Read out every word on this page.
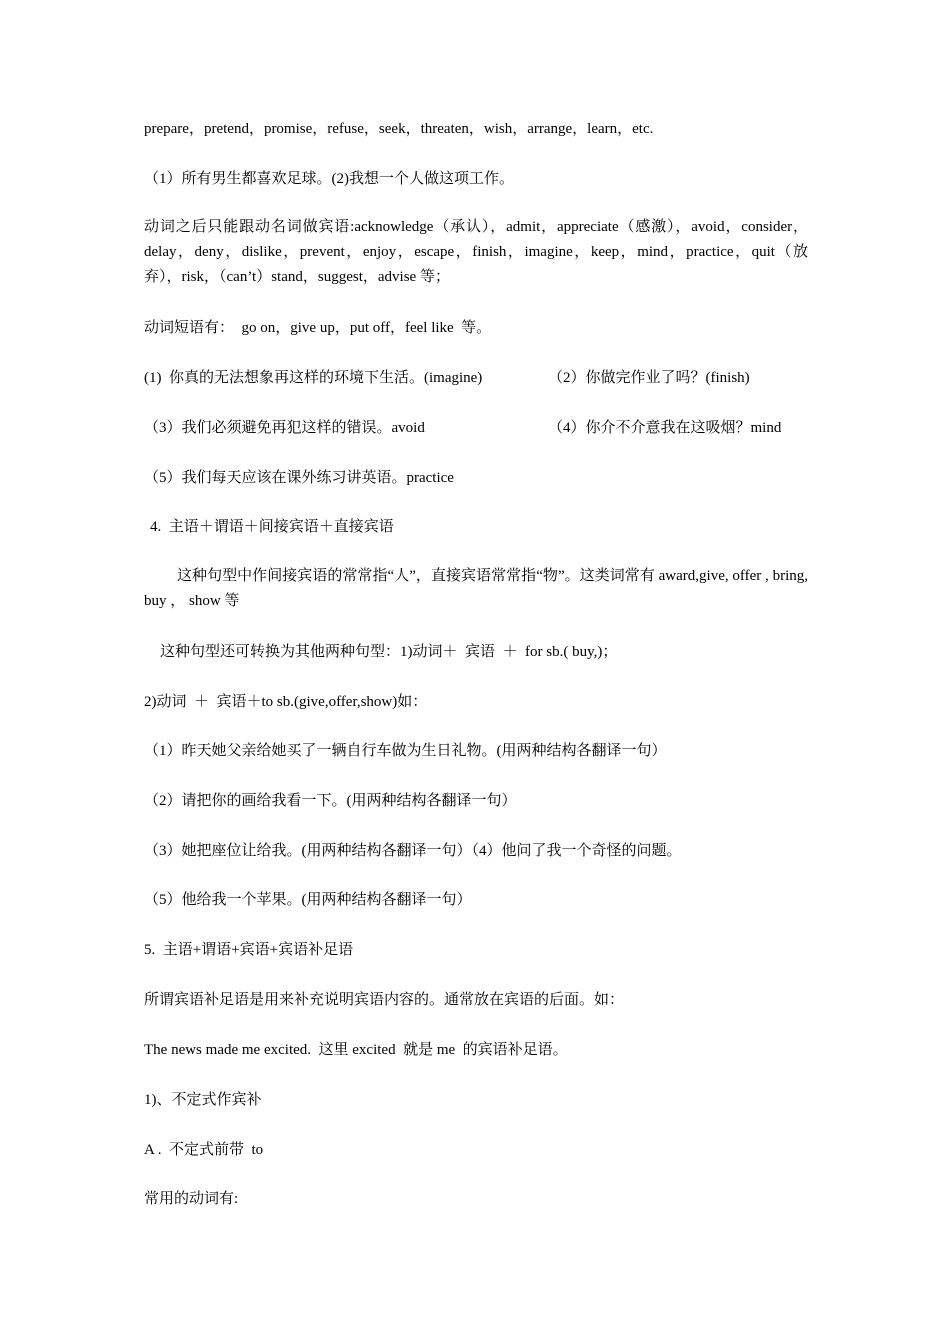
prepare，pretend，promise，refuse，seek，threaten，wish，arrange，learn，etc.
（1）所有男生都喜欢足球。(2)我想一个人做这项工作。
动词之后只能跟动名词做宾语:acknowledge（承认），admit，appreciate（感激），avoid，consider，delay，deny，dislike，prevent，enjoy，escape，finish，imagine，keep，mind，practice，quit（放弃），risk，（can’t）stand，suggest，advise 等；
动词短语有：  go on，give up，put off，feel like  等。
(1)  你真的无法想象再这样的环境下生活。(imagine)	（2）你做完作业了吗？(finish)
（3）我们必须避免再犯这样的错误。avoid	（4）你介不介意我在这吸烟？mind
（5）我们每天应该在课外练习讲英语。practice
4.  主语＋谓语＋间接宾语＋直接宾语
这种句型中作间接宾语的常常指“人”，直接宾语常常指“物”。这类词常有 award,give, offer , bring, buy ， show 等
这种句型还可转换为其他两种句型：1)动词＋  宾语  ＋  for sb.( buy,)；
2)动词  ＋  宾语＋to sb.(give,offer,show)如：
（1）昨天她父亲给她买了一辆自行车做为生日礼物。(用两种结构各翻译一句）
（2）请把你的画给我看一下。(用两种结构各翻译一句）
（3）她把座位让给我。(用两种结构各翻译一句）（4）他问了我一个奇怪的问题。
（5）他给我一个苹果。(用两种结构各翻译一句）
5.  主语+谓语+宾语+宾语补足语
所谓宾语补足语是用来补充说明宾语内容的。通常放在宾语的后面。如：
The news made me excited.  这里 excited  就是 me  的宾语补足语。
1)、不定式作宾补
A .  不定式前带  to
常用的动词有:
